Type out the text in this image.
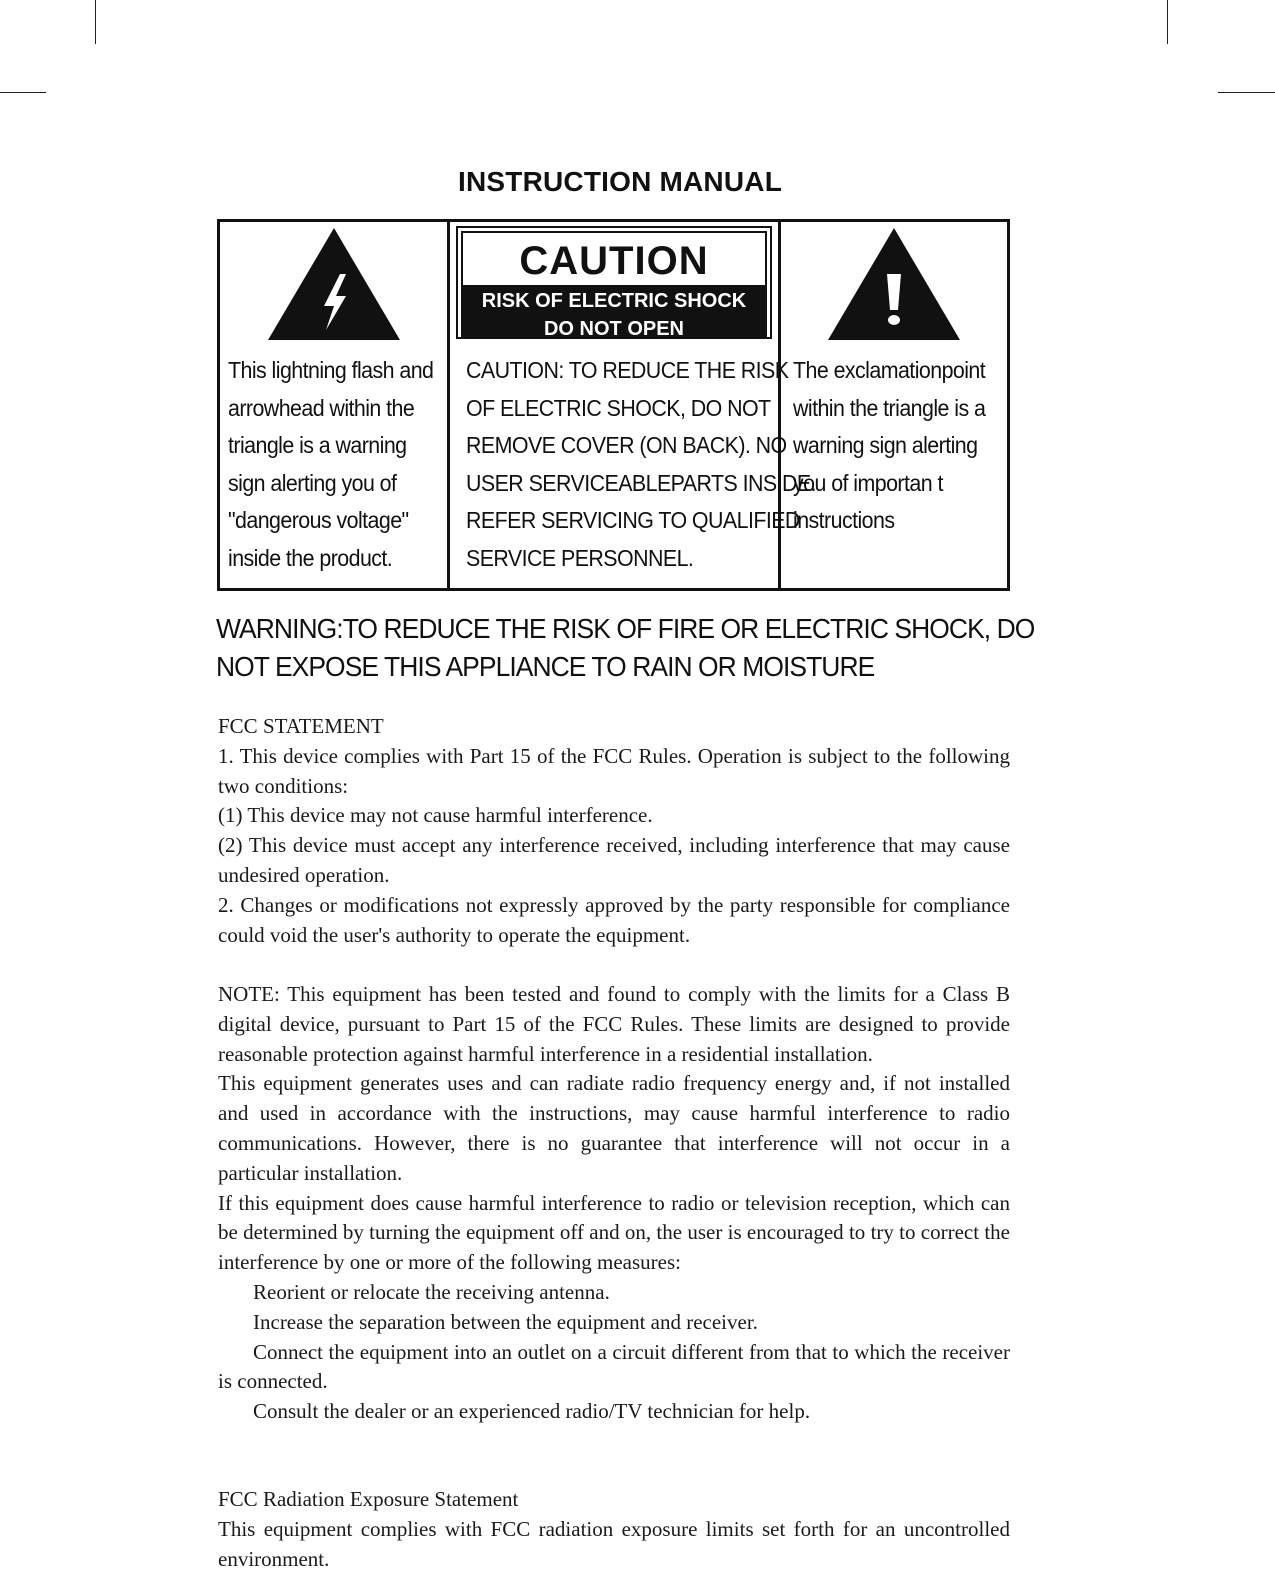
INSTRUCTION MANUAL
This lightning flash and
arrowhead within the
triangle is a warning
sign alerting you of
"dangerous voltage"
inside the product.
CAUTION
RISK OF ELECTRIC SHOCK
DO NOT OPEN
CAUTION: TO REDUCE THE RISK
OF ELECTRIC SHOCK, DO NOT
REMOVE COVER (ON BACK). NO
USER SERVICEABLEPARTS INSIDE.
REFER SERVICING TO QUALIFIED
SERVICE PERSONNEL.
The exclamationpoint
within the triangle is a
warning sign alerting
you of importan t
instructions
WARNING:TO REDUCE THE RISK OF FIRE OR ELECTRIC SHOCK, DO
NOT EXPOSE THIS APPLIANCE TO RAIN OR MOISTURE

FCC STATEMENT

1. This device complies with Part 15 of the FCC Rules. Operation is subject to the following two conditions:

(1) This device may not cause harmful interference.

(2) This device must accept any interference received, including interference that may cause undesired operation.

2. Changes or modifications not expressly approved by the party responsible for compliance could void the user's authority to operate the equipment.

NOTE: This equipment has been tested and found to comply with the limits for a Class B digital device, pursuant to Part 15 of the FCC Rules. These limits are designed to provide reasonable protection against harmful interference in a residential installation.

This equipment generates uses and can radiate radio frequency energy and, if not installed and used in accordance with the instructions, may cause harmful interference to radio communications. However, there is no guarantee that interference will not occur in a particular installation.

If this equipment does cause harmful interference to radio or television reception, which can be determined by turning the equipment off and on, the user is encouraged to try to correct the interference by one or more of the following measures:

Reorient or relocate the receiving antenna.

Increase the separation between the equipment and receiver.

Connect the equipment into an outlet on a circuit different from that to which the receiver is connected.

Consult the dealer or an experienced radio/TV technician for help.

FCC Radiation Exposure Statement

This equipment complies with FCC radiation exposure limits set forth for an uncontrolled environment.
